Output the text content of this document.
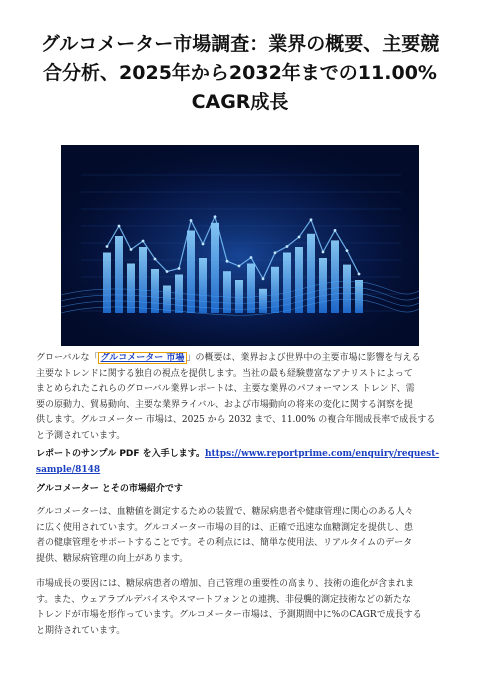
グルコメーター市場調査：業界の概要、主要競
合分析、2025年から2032年までの11.00%
CAGR成長

グローバルな「 グルコメーター 市場 」の概要は、業界および世界中の主要市場に影響を与える
主要なトレンドに関する独自の視点を提供します。当社の最も経験豊富なアナリストによって
まとめられたこれらのグローバル業界レポートは、主要な業界のパフォーマンス トレンド、需
要の原動力、貿易動向、主要な業界ライバル、および市場動向の将来の変化に関する洞察を提
供します。グルコメーター 市場は、2025 から 2032 まで、11.00% の複合年間成長率で成長する
と予測されています。

レポートのサンプル PDF を入手します。https://www.reportprime.com/enquiry/request-
sample/8148

グルコメーター とその市場紹介です

グルコメーターは、血糖値を測定するための装置で、糖尿病患者や健康管理に関心のある人々
に広く使用されています。グルコメーター市場の目的は、正確で迅速な血糖測定を提供し、患
者の健康管理をサポートすることです。その利点には、簡単な使用法、リアルタイムのデータ
提供、糖尿病管理の向上があります。

市場成長の要因には、糖尿病患者の増加、自己管理の重要性の高まり、技術の進化が含まれま
す。また、ウェアラブルデバイスやスマートフォンとの連携、非侵襲的測定技術などの新たな
トレンドが市場を形作っています。グルコメーター市場は、予測期間中に%のCAGRで成長する
と期待されています。
